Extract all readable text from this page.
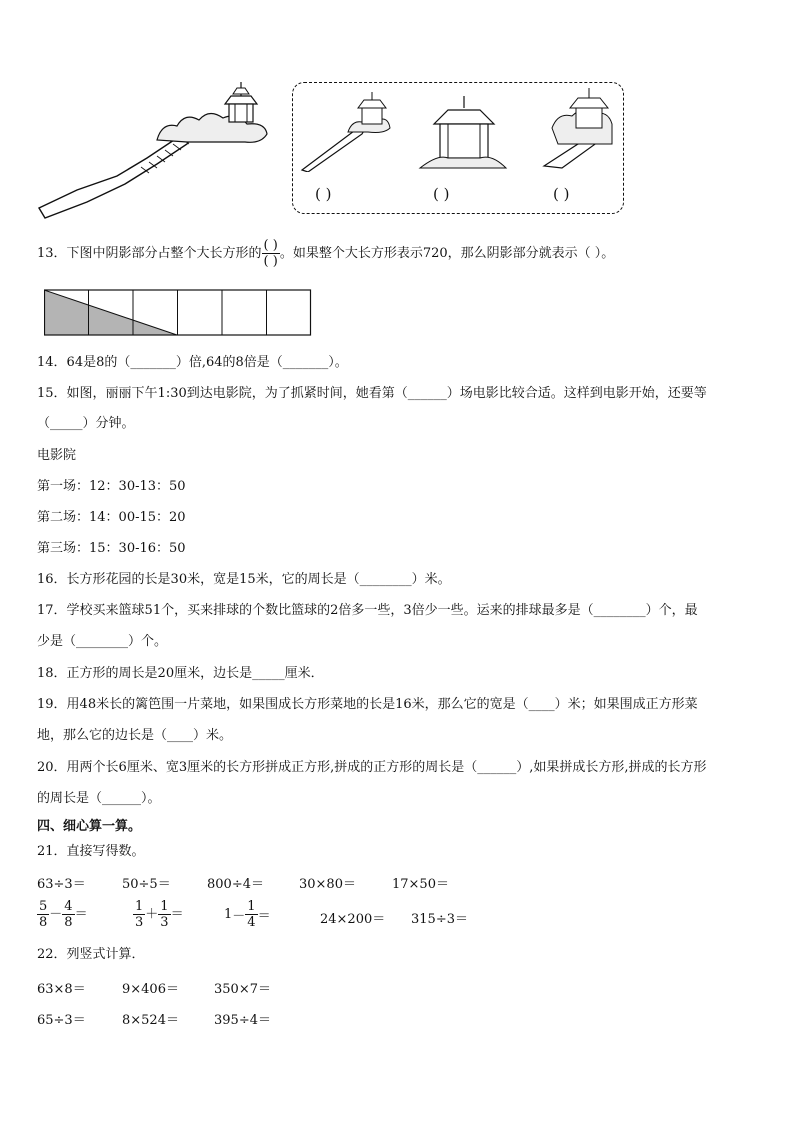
( )	( )	( )
13．下图中阴影部分占整个大长方形的 $\frac{( )}{( )}$ 。如果整个大长方形表示720，那么阴影部分就表示（ ）。
14．64是8的（_______）倍,64的8倍是（_______）。
15．如图，丽丽下午1:30到达电影院，为了抓紧时间，她看第（______）场电影比较合适。这样到电影开始，还要等
（_____）分钟。
电影院
第一场：12：30-13：50
第二场：14：00-15：20
第三场：15：30-16：50
16．长方形花园的长是30米，宽是15米，它的周长是（________）米。
17．学校买来篮球51个，买来排球的个数比篮球的2倍多一些，3倍少一些。运来的排球最多是（________）个，最
少是（________）个。
18．正方形的周长是20厘米，边长是_____厘米．
19．用48米长的篱笆围一片菜地，如果围成长方形菜地的长是16米，那么它的宽是（____）米；如果围成正方形菜
地，那么它的边长是（____）米。
20．用两个长6厘米、宽3厘米的长方形拼成正方形,拼成的正方形的周长是（______）,如果拼成长方形,拼成的长方形
的周长是（______）。
四、细心算一算。
21．直接写得数。
63÷3＝	50÷5＝	800÷4＝	30×80＝	17×50＝
$\frac{5}{8} - \frac{4}{8}$ ＝	$\frac{1}{3} + \frac{1}{3}$ ＝	$1- \frac{1}{4}$ ＝	24×200＝ 315÷3＝
22．列竖式计算．
63×8＝	9×406＝	350×7＝
65÷3＝	8×524＝	395÷4＝
